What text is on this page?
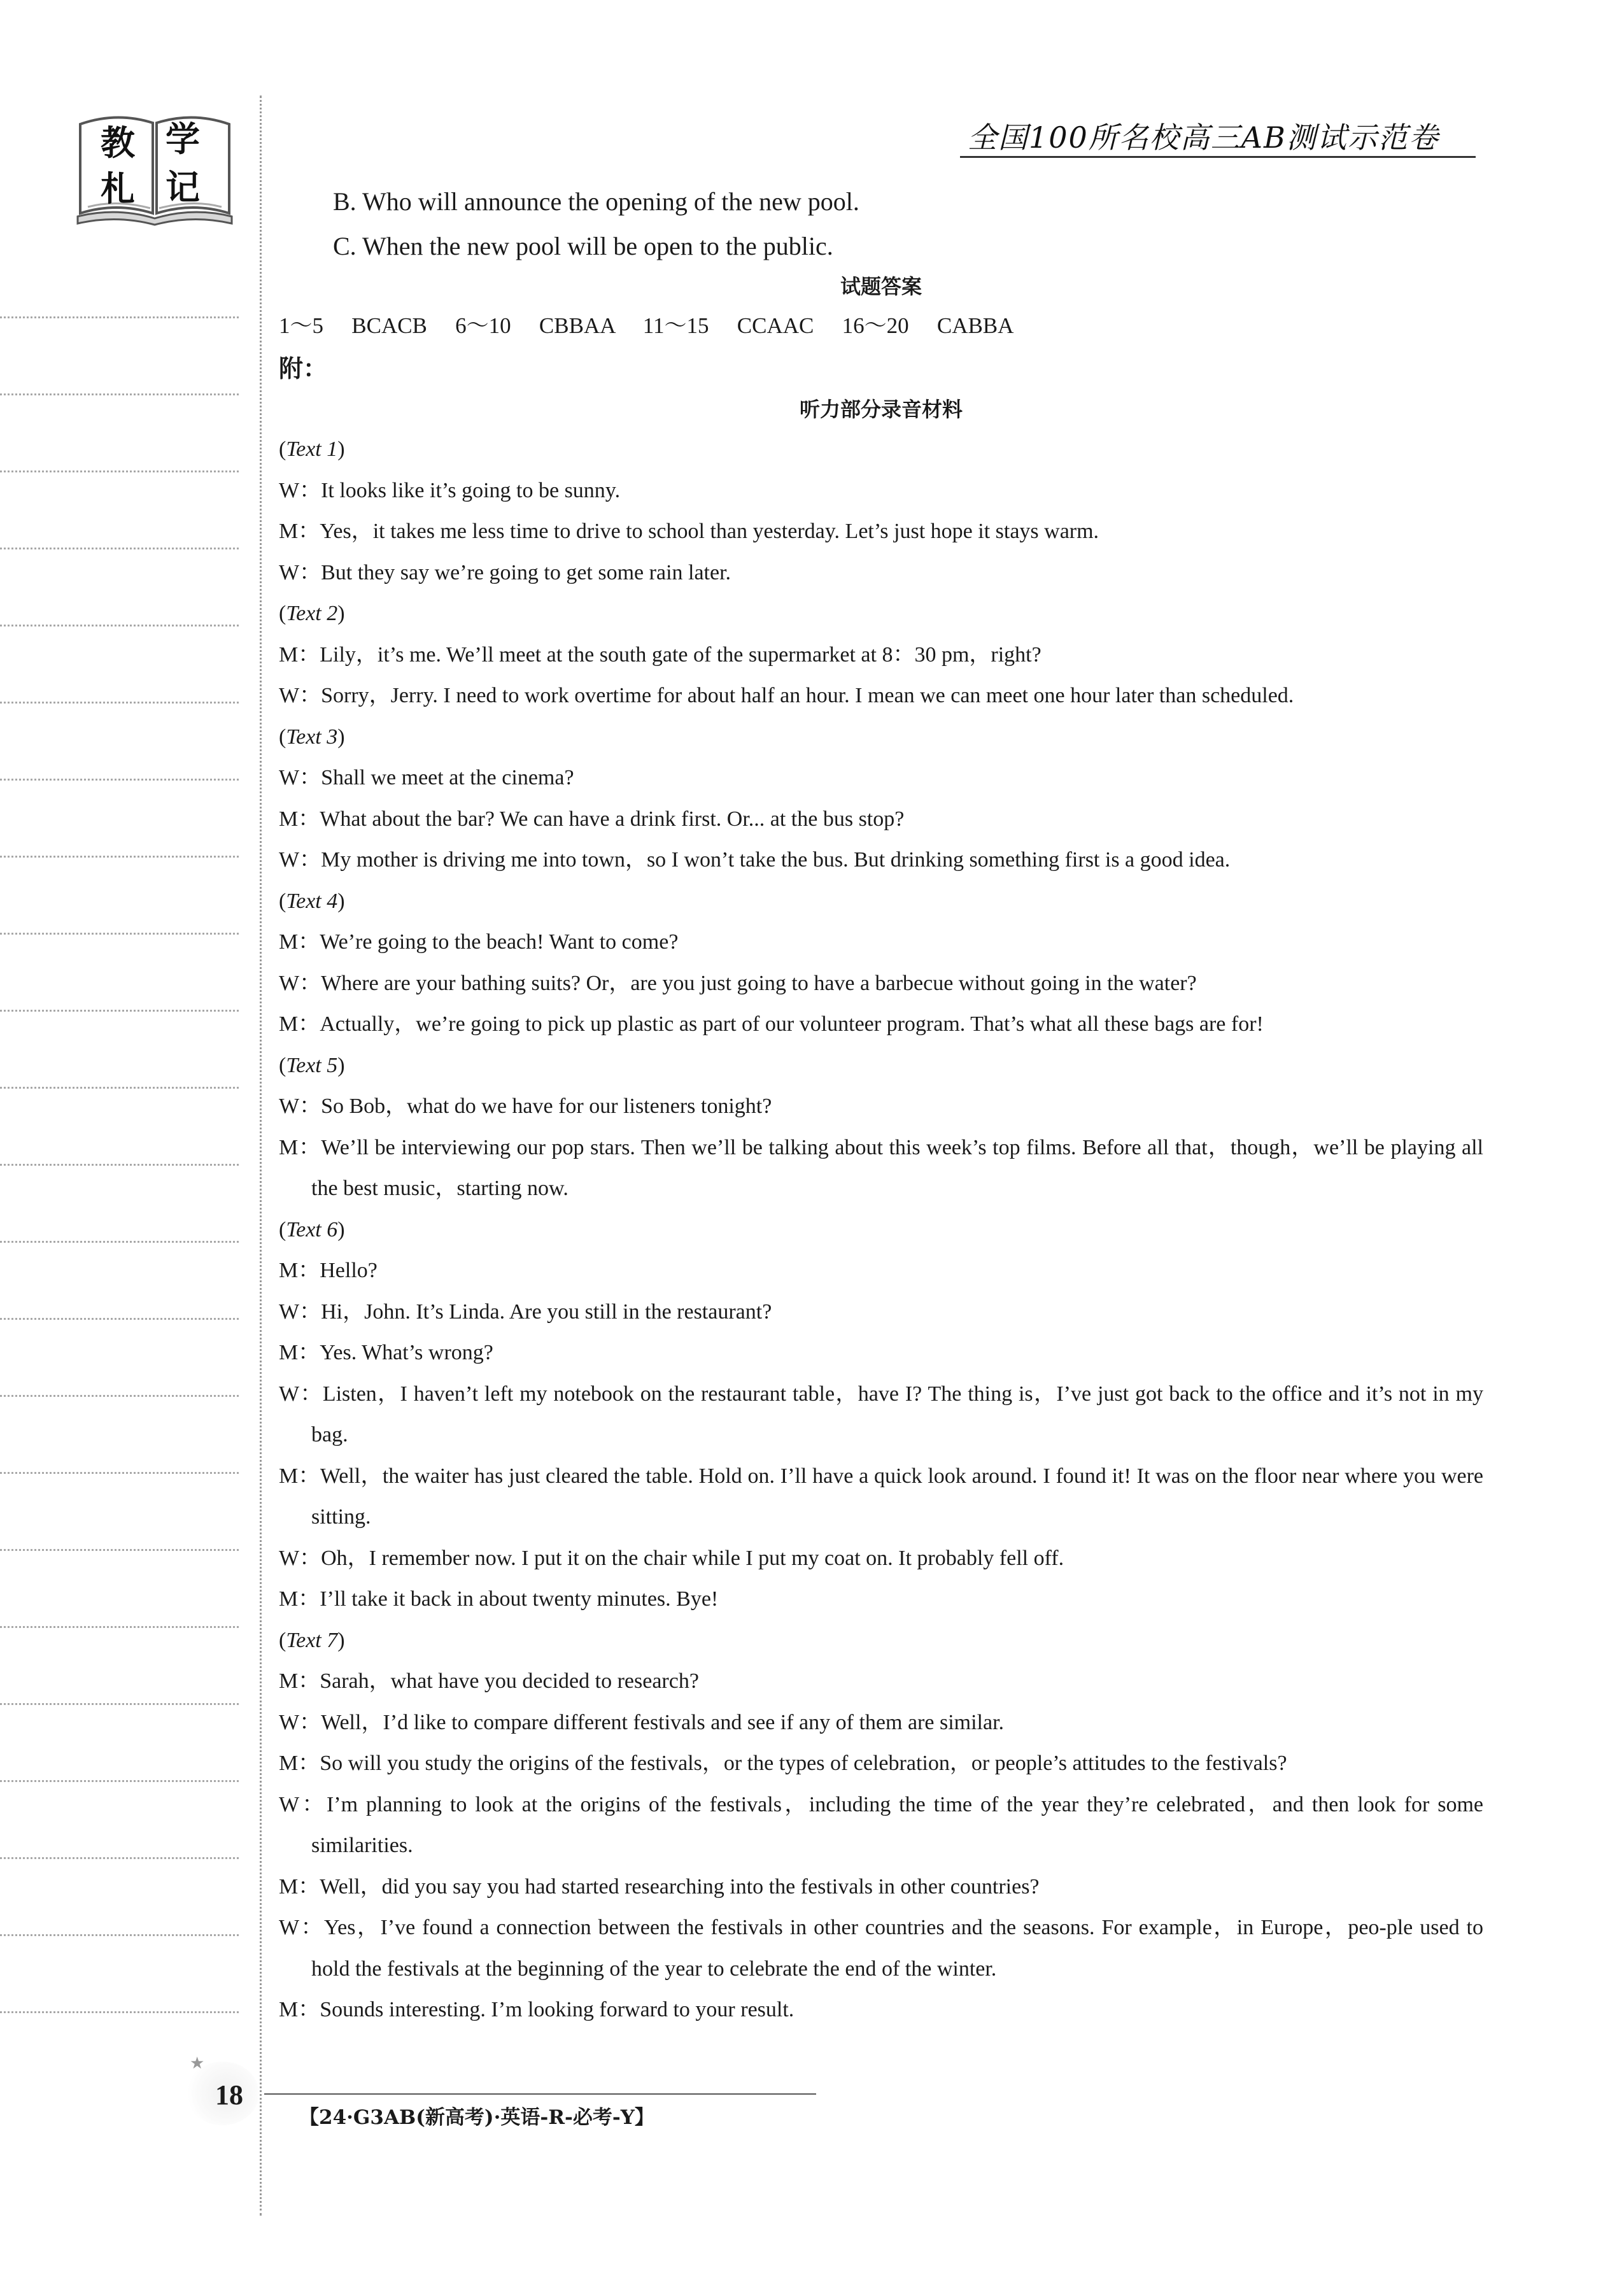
教 学
札 记
全国100所名校高三AB测试示范卷
B. Who will announce the opening of the new pool.
C. When the new pool will be open to the public.
试题答案
1～5   BCACB   6～10   CBBAA   11～15   CCAAC   16～20   CABBA
附：
听力部分录音材料
(Text 1)
W：It looks like it’s going to be sunny.
M：Yes，it takes me less time to drive to school than yesterday. Let’s just hope it stays warm.
W：But they say we’re going to get some rain later.
(Text 2)
M：Lily，it’s me. We’ll meet at the south gate of the supermarket at 8：30 pm，right?
W：Sorry，Jerry. I need to work overtime for about half an hour. I mean we can meet one hour later than scheduled.
(Text 3)
W：Shall we meet at the cinema?
M：What about the bar? We can have a drink first. Or... at the bus stop?
W：My mother is driving me into town，so I won’t take the bus. But drinking something first is a good idea.
(Text 4)
M：We’re going to the beach! Want to come?
W：Where are your bathing suits? Or，are you just going to have a barbecue without going in the water?
M：Actually，we’re going to pick up plastic as part of our volunteer program. That’s what all these bags are for!
(Text 5)
W：So Bob，what do we have for our listeners tonight?
M：We’ll be interviewing our pop stars. Then we’ll be talking about this week’s top films. Before all that，though，we’ll be playing all the best music，starting now.
(Text 6)
M：Hello?
W：Hi，John. It’s Linda. Are you still in the restaurant?
M：Yes. What’s wrong?
W：Listen，I haven’t left my notebook on the restaurant table，have I? The thing is，I’ve just got back to the office and it’s not in my bag.
M：Well，the waiter has just cleared the table. Hold on. I’ll have a quick look around. I found it! It was on the floor near where you were sitting.
W：Oh，I remember now. I put it on the chair while I put my coat on. It probably fell off.
M：I’ll take it back in about twenty minutes. Bye!
(Text 7)
M：Sarah，what have you decided to research?
W：Well，I’d like to compare different festivals and see if any of them are similar.
M：So will you study the origins of the festivals，or the types of celebration，or people’s attitudes to the festivals?
W：I’m planning to look at the origins of the festivals，including the time of the year they’re celebrated，and then look for some similarities.
M：Well，did you say you had started researching into the festivals in other countries?
W：Yes，I’ve found a connection between the festivals in other countries and the seasons. For example，in Europe，peo-ple used to hold the festivals at the beginning of the year to celebrate the end of the winter.
M：Sounds interesting. I’m looking forward to your result.
★
18
【24·G3AB(新高考)·英语-R-必考-Y】
